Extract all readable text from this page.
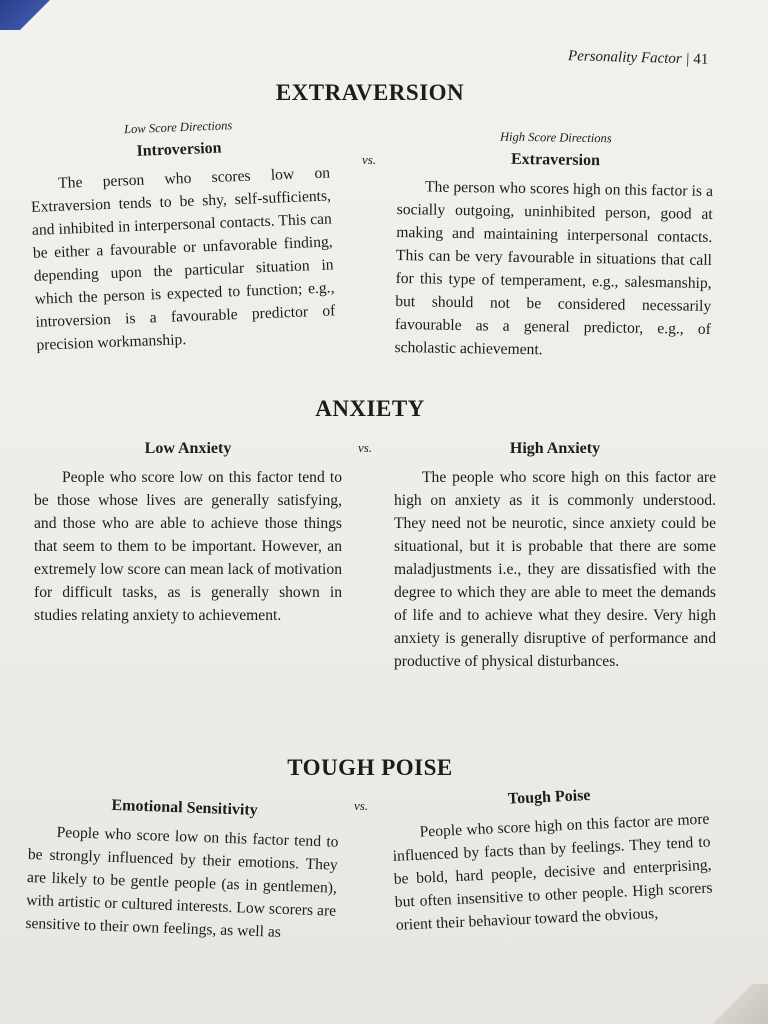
Personality Factor | 41
EXTRAVERSION
Low Score Directions
Introversion

The person who scores low on Extraversion tends to be shy, self-sufficients, and inhibited in interpersonal contacts. This can be either a favourable or unfavorable finding, depending upon the particular situation in which the person is expected to function; e.g., introversion is a favourable predictor of precision workmanship.

vs.
High Score Directions
Extraversion

The person who scores high on this factor is a socially outgoing, uninhibited person, good at making and maintaining interpersonal contacts. This can be very favourable in situations that call for this type of temperament, e.g., salesmanship, but should not be considered necessarily favourable as a general predictor, e.g., of scholastic achievement.

ANXIETY
Low Anxiety

People who score low on this factor tend to be those whose lives are generally satisfying, and those who are able to achieve those things that seem to them to be important. However, an extremely low score can mean lack of motivation for difficult tasks, as is generally shown in studies relating anxiety to achievement.

vs.	High Anxiety

The people who score high on this factor are high on anxiety as it is commonly understood. They need not be neurotic, since anxiety could be situational, but it is probable that there are some maladjustments i.e., they are dissatisfied with the degree to which they are able to meet the demands of life and to achieve what they desire. Very high anxiety is generally disruptive of performance and productive of physical disturbances.

TOUGH POISE
Emotional Sensitivity

People who score low on this factor tend to be strongly influenced by their emotions. They are likely to be gentle people (as in gentlemen), with artistic or cultured interests. Low scorers are sensitive to their own feelings, as well as

vs.	Tough Poise

People who score high on this factor are more influenced by facts than by feelings. They tend to be bold, hard people, decisive and enterprising, but often insensitive to other people. High scorers orient their behaviour toward the obvious,
